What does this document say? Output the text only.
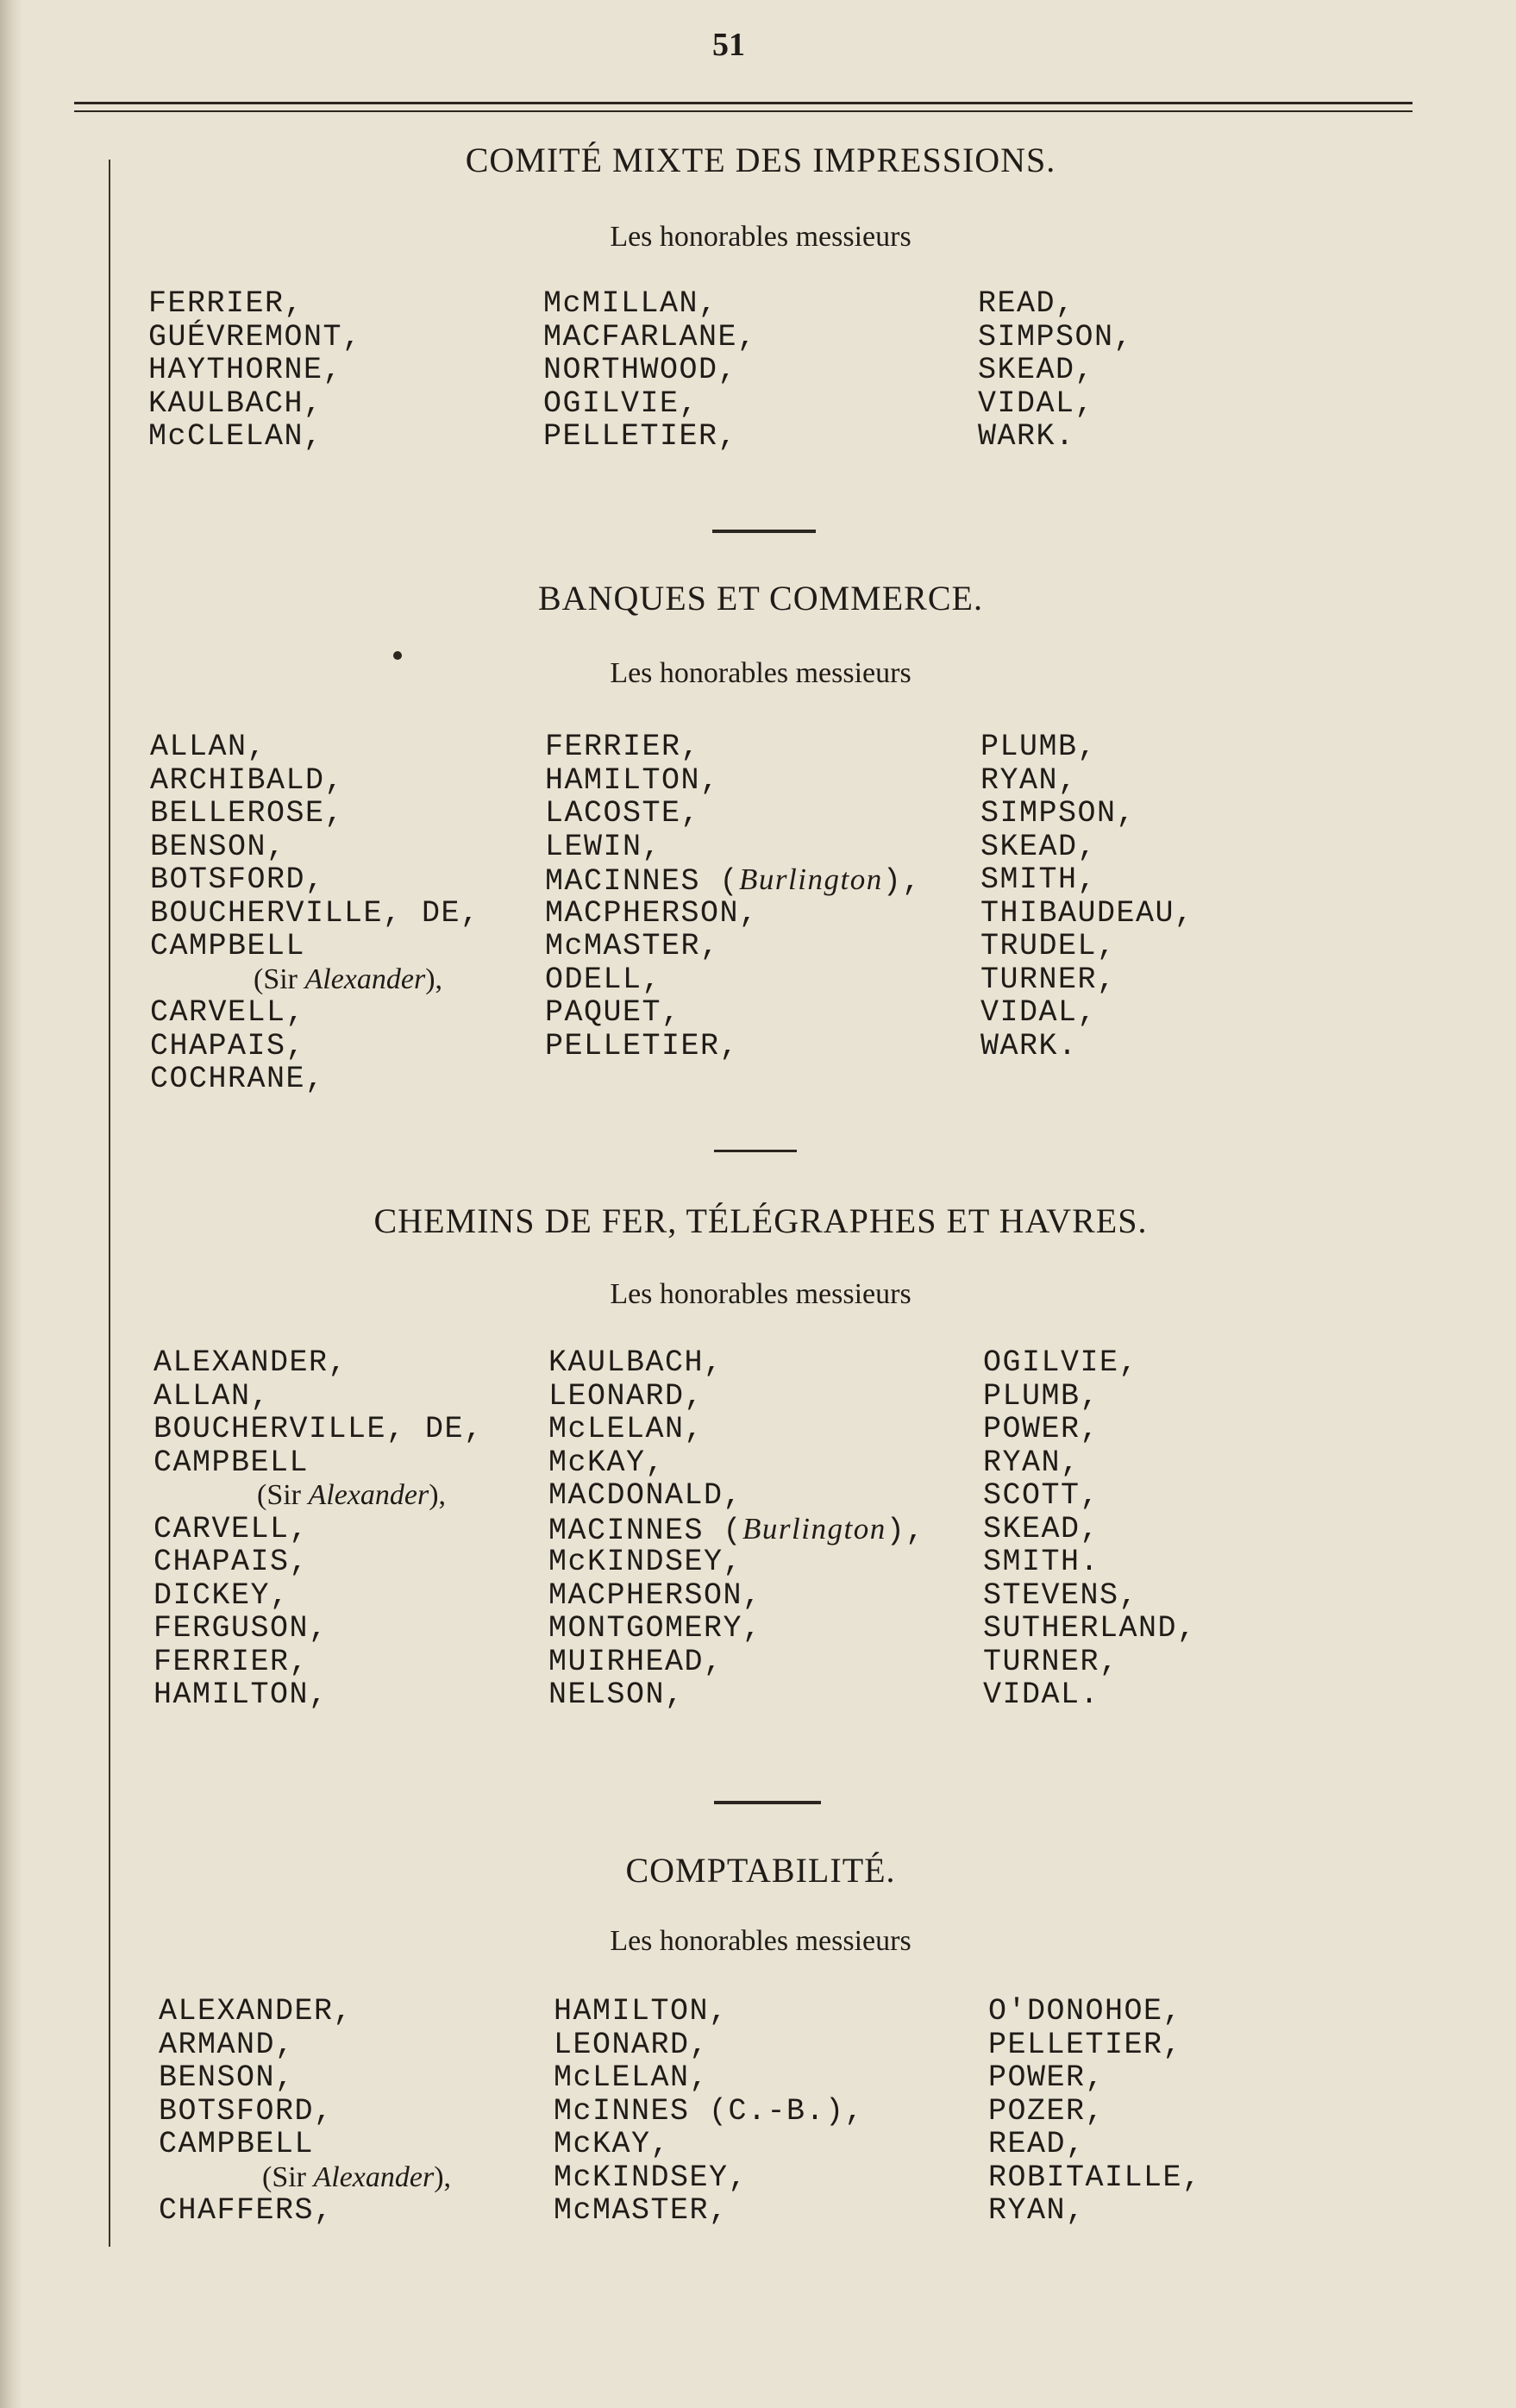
51
COMITÉ MIXTE DES IMPRESSIONS.
Les honorables messieurs
FERRIER,
GUÉVREMONT,
HAYTHORNE,
KAULBACH,
McCLELAN,
McMILLAN,
MACFARLANE,
NORTHWOOD,
OGILVIE,
PELLETIER,
READ,
SIMPSON,
SKEAD,
VIDAL,
WARK.
BANQUES ET COMMERCE.
Les honorables messieurs
ALLAN,
ARCHIBALD,
BELLEROSE,
BENSON,
BOTSFORD,
BOUCHERVILLE, DE,
CAMPBELL
(Sir Alexander),
CARVELL,
CHAPAIS,
COCHRANE,
FERRIER,
HAMILTON,
LACOSTE,
LEWIN,
MACINNES (Burlington),
MACPHERSON,
McMASTER,
ODELL,
PAQUET,
PELLETIER,
PLUMB,
RYAN,
SIMPSON,
SKEAD,
SMITH,
THIBAUDEAU,
TRUDEL,
TURNER,
VIDAL,
WARK.
CHEMINS DE FER, TÉLÉGRAPHES ET HAVRES.
Les honorables messieurs
ALEXANDER,
ALLAN,
BOUCHERVILLE, DE,
CAMPBELL
(Sir Alexander),
CARVELL,
CHAPAIS,
DICKEY,
FERGUSON,
FERRIER,
HAMILTON,
KAULBACH,
LEONARD,
McLELAN,
McKAY,
MACDONALD,
MACINNES (Burlington),
McKINDSEY,
MACPHERSON,
MONTGOMERY,
MUIRHEAD,
NELSON,
OGILVIE,
PLUMB,
POWER,
RYAN,
SCOTT,
SKEAD,
SMITH.
STEVENS,
SUTHERLAND,
TURNER,
VIDAL.
COMPTABILITÉ.
Les honorables messieurs
ALEXANDER,
ARMAND,
BENSON,
BOTSFORD,
CAMPBELL
(Sir Alexander),
CHAFFERS,
HAMILTON,
LEONARD,
McLELAN,
McINNES (C.-B.),
McKAY,
McKINDSEY,
McMASTER,
O'DONOHOE,
PELLETIER,
POWER,
POZER,
READ,
ROBITAILLE,
RYAN,
